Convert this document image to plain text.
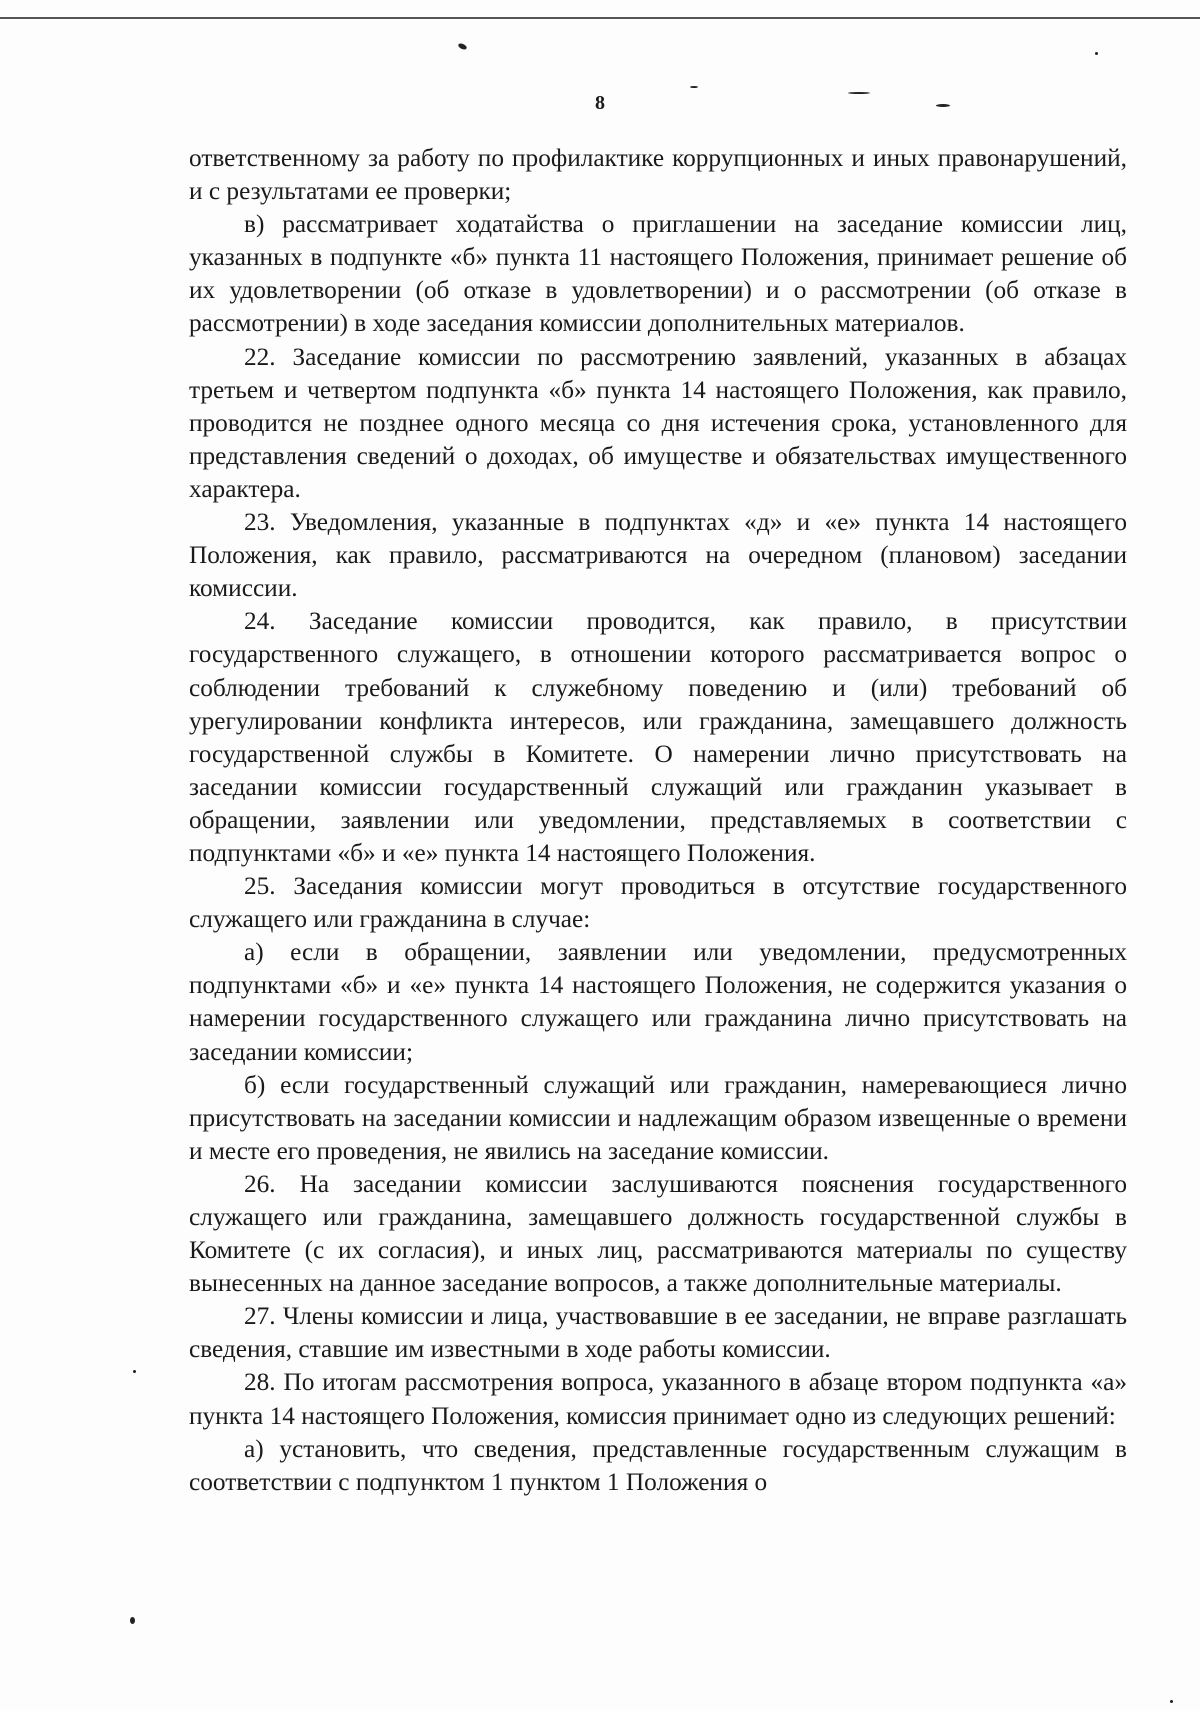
8

ответственному за работу по профилактике коррупционных и иных правонарушений, и с результатами ее проверки;

в) рассматривает ходатайства о приглашении на заседание комиссии лиц, указанных в подпункте «б» пункта 11 настоящего Положения, принимает решение об их удовлетворении (об отказе в удовлетворении) и о рассмотрении (об отказе в рассмотрении) в ходе заседания комиссии дополнительных материалов.

22. Заседание комиссии по рассмотрению заявлений, указанных в абзацах третьем и четвертом подпункта «б» пункта 14 настоящего Положения, как правило, проводится не позднее одного месяца со дня истечения срока, установленного для представления сведений о доходах, об имуществе и обязательствах имущественного характера.

23. Уведомления, указанные в подпунктах «д» и «е» пункта 14 настоящего Положения, как правило, рассматриваются на очередном (плановом) заседании комиссии.

24. Заседание комиссии проводится, как правило, в присутствии государственного служащего, в отношении которого рассматривается вопрос о соблюдении требований к служебному поведению и (или) требований об урегулировании конфликта интересов, или гражданина, замещавшего должность государственной службы в Комитете. О намерении лично присутствовать на заседании комиссии государственный служащий или гражданин указывает в обращении, заявлении или уведомлении, представляемых в соответствии с подпунктами «б» и «е» пункта 14 настоящего Положения.

25. Заседания комиссии могут проводиться в отсутствие государственного служащего или гражданина в случае:

а) если в обращении, заявлении или уведомлении, предусмотренных подпунктами «б» и «е» пункта 14 настоящего Положения, не содержится указания о намерении государственного служащего или гражданина лично присутствовать на заседании комиссии;

б) если государственный служащий или гражданин, намеревающиеся лично присутствовать на заседании комиссии и надлежащим образом извещенные о времени и месте его проведения, не явились на заседание комиссии.

26. На заседании комиссии заслушиваются пояснения государственного служащего или гражданина, замещавшего должность государственной службы в Комитете (с их согласия), и иных лиц, рассматриваются материалы по существу вынесенных на данное заседание вопросов, а также дополнительные материалы.

27. Члены комиссии и лица, участвовавшие в ее заседании, не вправе разглашать сведения, ставшие им известными в ходе работы комиссии.

28. По итогам рассмотрения вопроса, указанного в абзаце втором подпункта «а» пункта 14 настоящего Положения, комиссия принимает одно из следующих решений:

а) установить, что сведения, представленные государственным служащим в соответствии с подпунктом 1 пунктом 1 Положения о
